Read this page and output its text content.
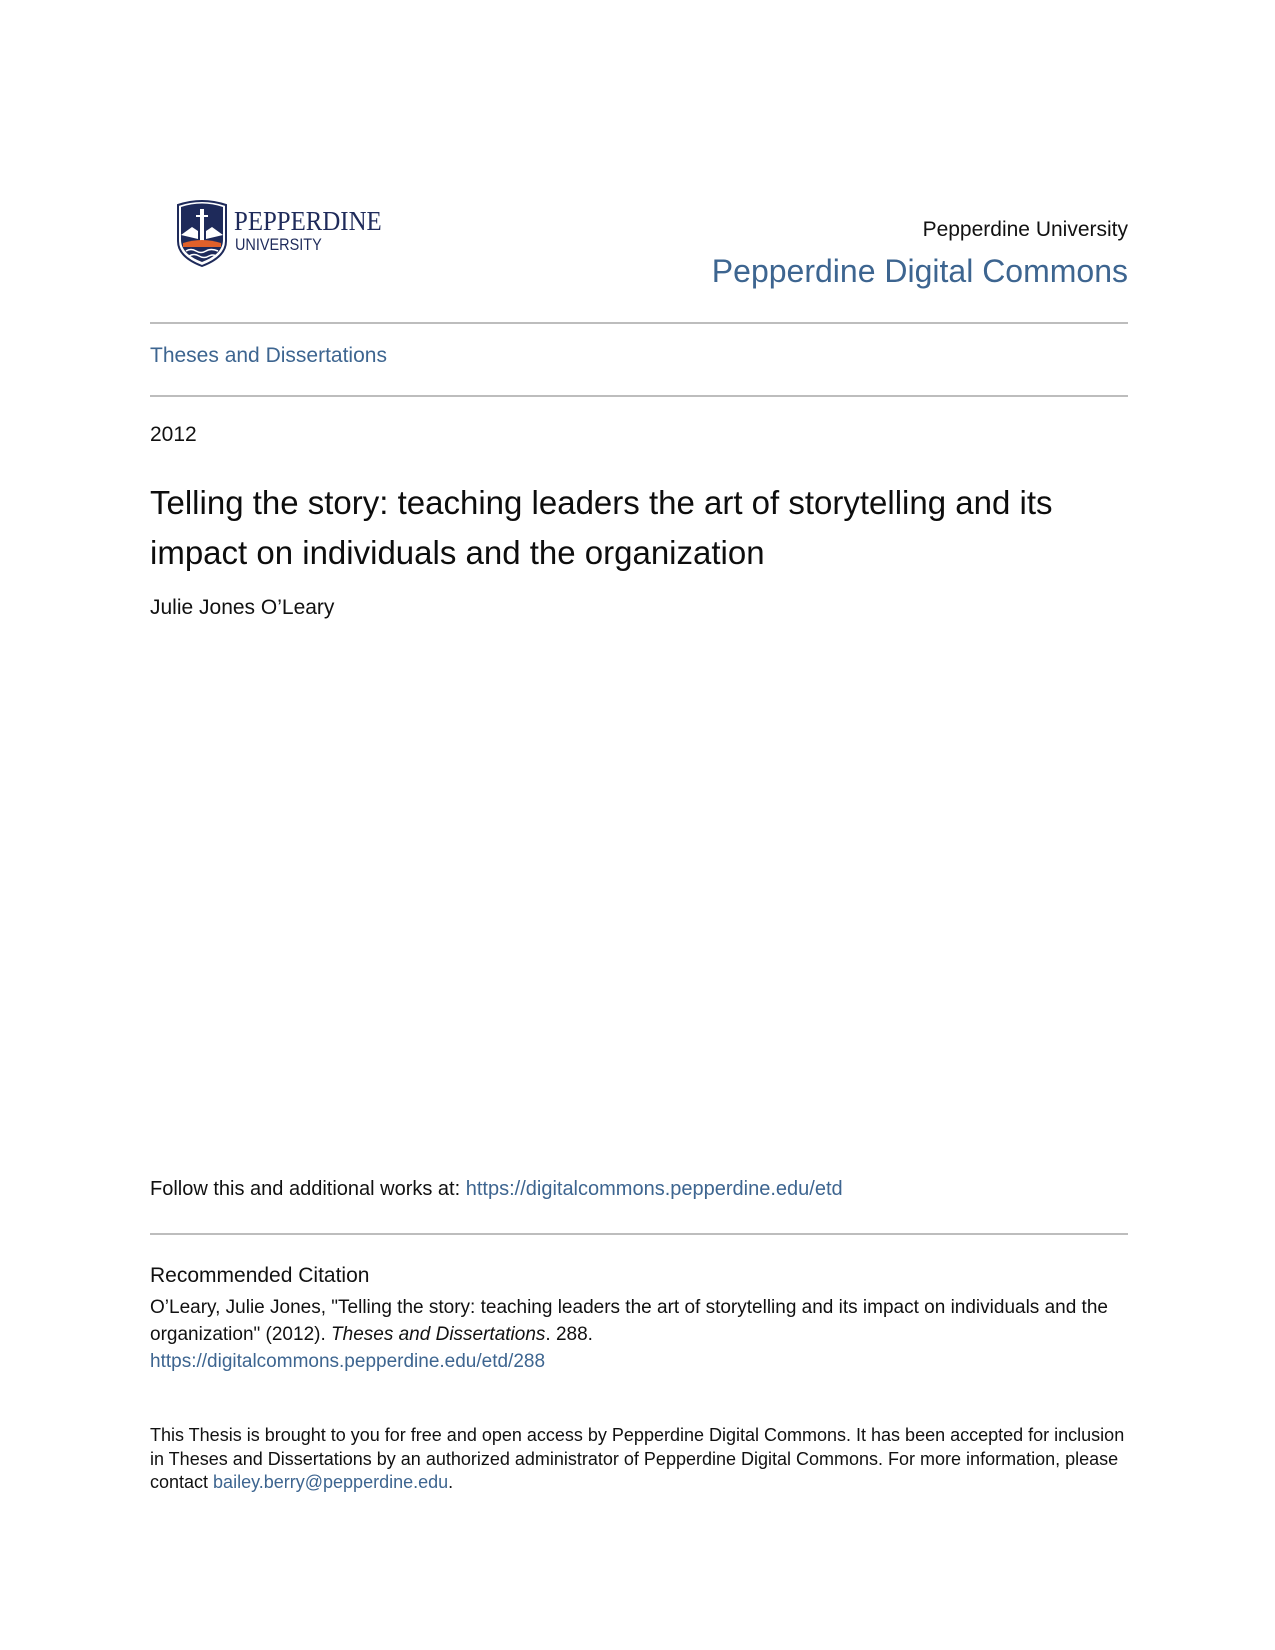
PEPPERDINE
UNIVERSITY
Pepperdine University
Pepperdine Digital Commons
Theses and Dissertations
2012
Telling the story: teaching leaders the art of storytelling and its impact on individuals and the organization
Julie Jones O’Leary
Follow this and additional works at: https://digitalcommons.pepperdine.edu/etd
Recommended Citation
O’Leary, Julie Jones, "Telling the story: teaching leaders the art of storytelling and its impact on individuals and the organization" (2012). Theses and Dissertations. 288.
https://digitalcommons.pepperdine.edu/etd/288
This Thesis is brought to you for free and open access by Pepperdine Digital Commons. It has been accepted for inclusion in Theses and Dissertations by an authorized administrator of Pepperdine Digital Commons. For more information, please contact bailey.berry@pepperdine.edu.
